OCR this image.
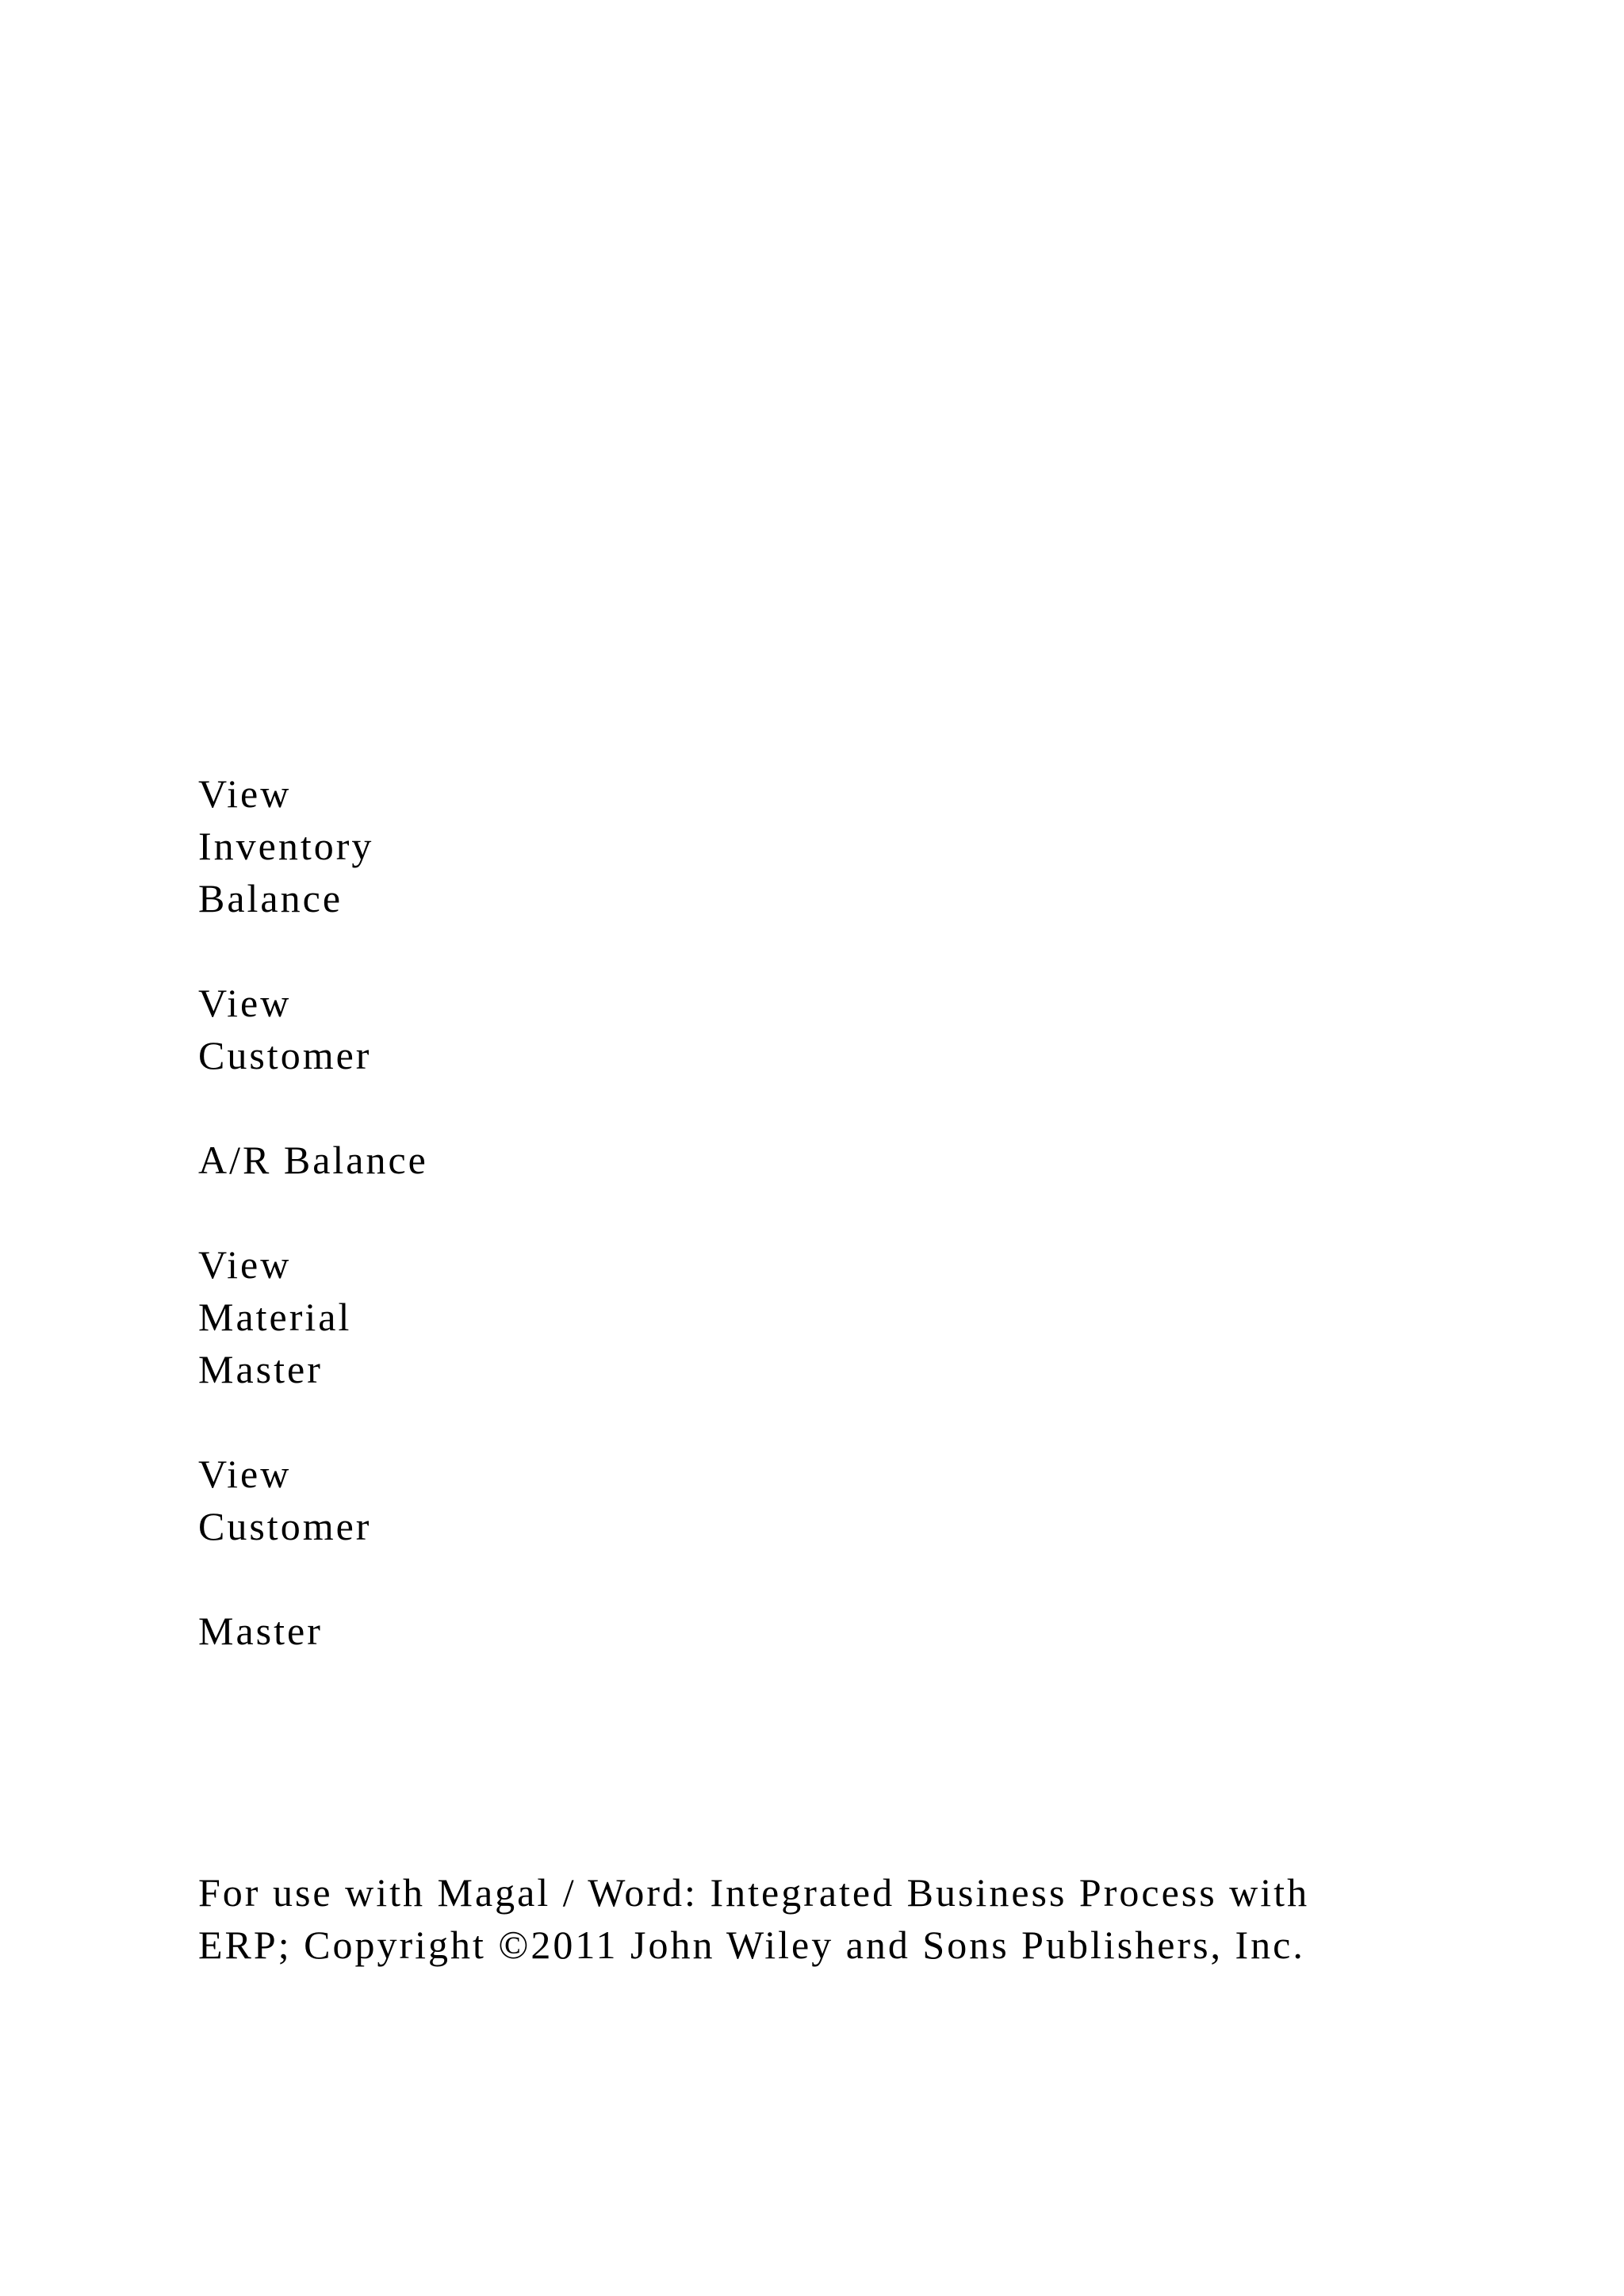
View
Inventory
Balance
View
Customer
A/R Balance
View
Material
Master
View
Customer
Master
For use with Magal / Word: Integrated Business Process with
ERP; Copyright ©2011 John Wiley and Sons Publishers, Inc.
